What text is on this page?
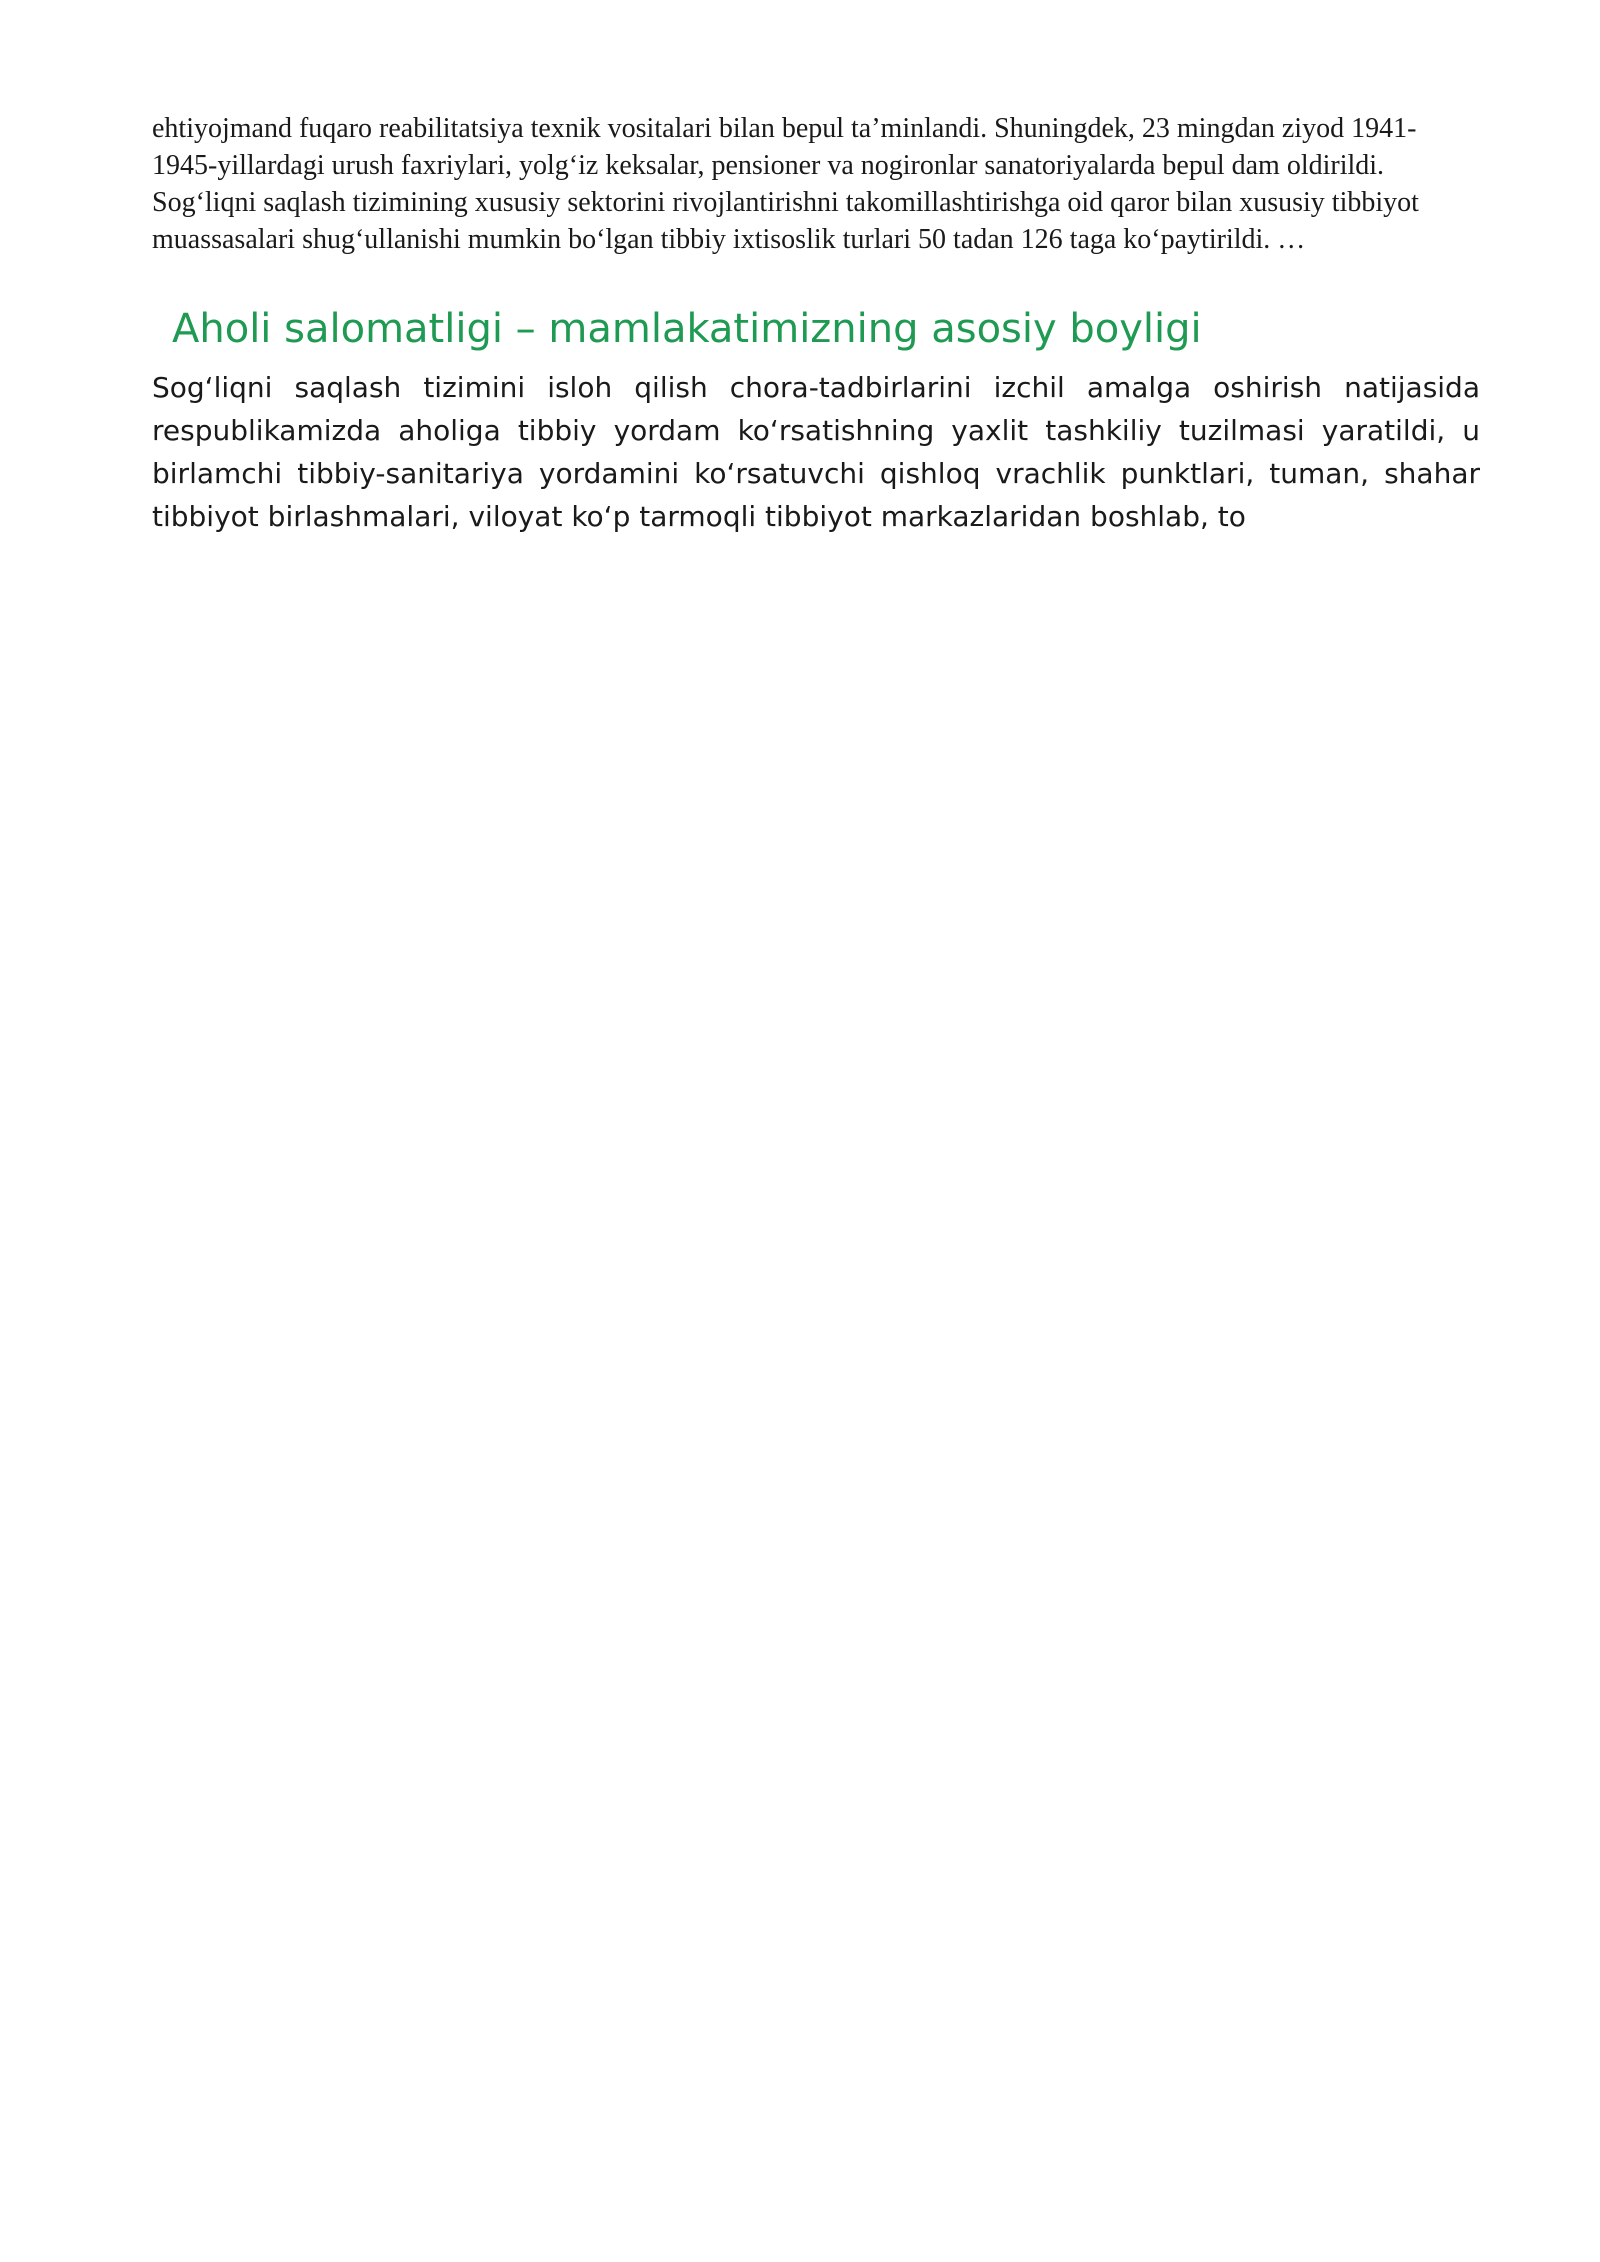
ehtiyojmand fuqaro reabilitatsiya texnik vositalari bilan bepul ta’minlandi. Shuningdek, 23 mingdan ziyod 1941-1945-yillardagi urush faxriylari, yolg‘iz keksalar, pensioner va nogironlar sanatoriyalarda bepul dam oldirildi. Sog‘liqni saqlash tizimining xususiy sektorini rivojlantirishni takomillashtirishga oid qaror bilan xususiy tibbiyot muassasalari shug‘ullanishi mumkin bo‘lgan tibbiy ixtisoslik turlari 50 tadan 126 taga ko‘paytirildi. …

Aholi salomatligi – mamlakatimizning asosiy boyligi

Sog‘liqni saqlash tizimini isloh qilish chora-tadbirlarini izchil amalga oshirish natijasida respublikamizda aholiga tibbiy yordam ko‘rsatishning yaxlit tashkiliy tuzilmasi yaratildi, u birlamchi tibbiy-sanitariya yordamini ko‘rsatuvchi qishloq vrachlik punktlari, tuman, shahar tibbiyot birlashmalari, viloyat ko‘p tarmoqli tibbiyot markazlaridan boshlab, to
